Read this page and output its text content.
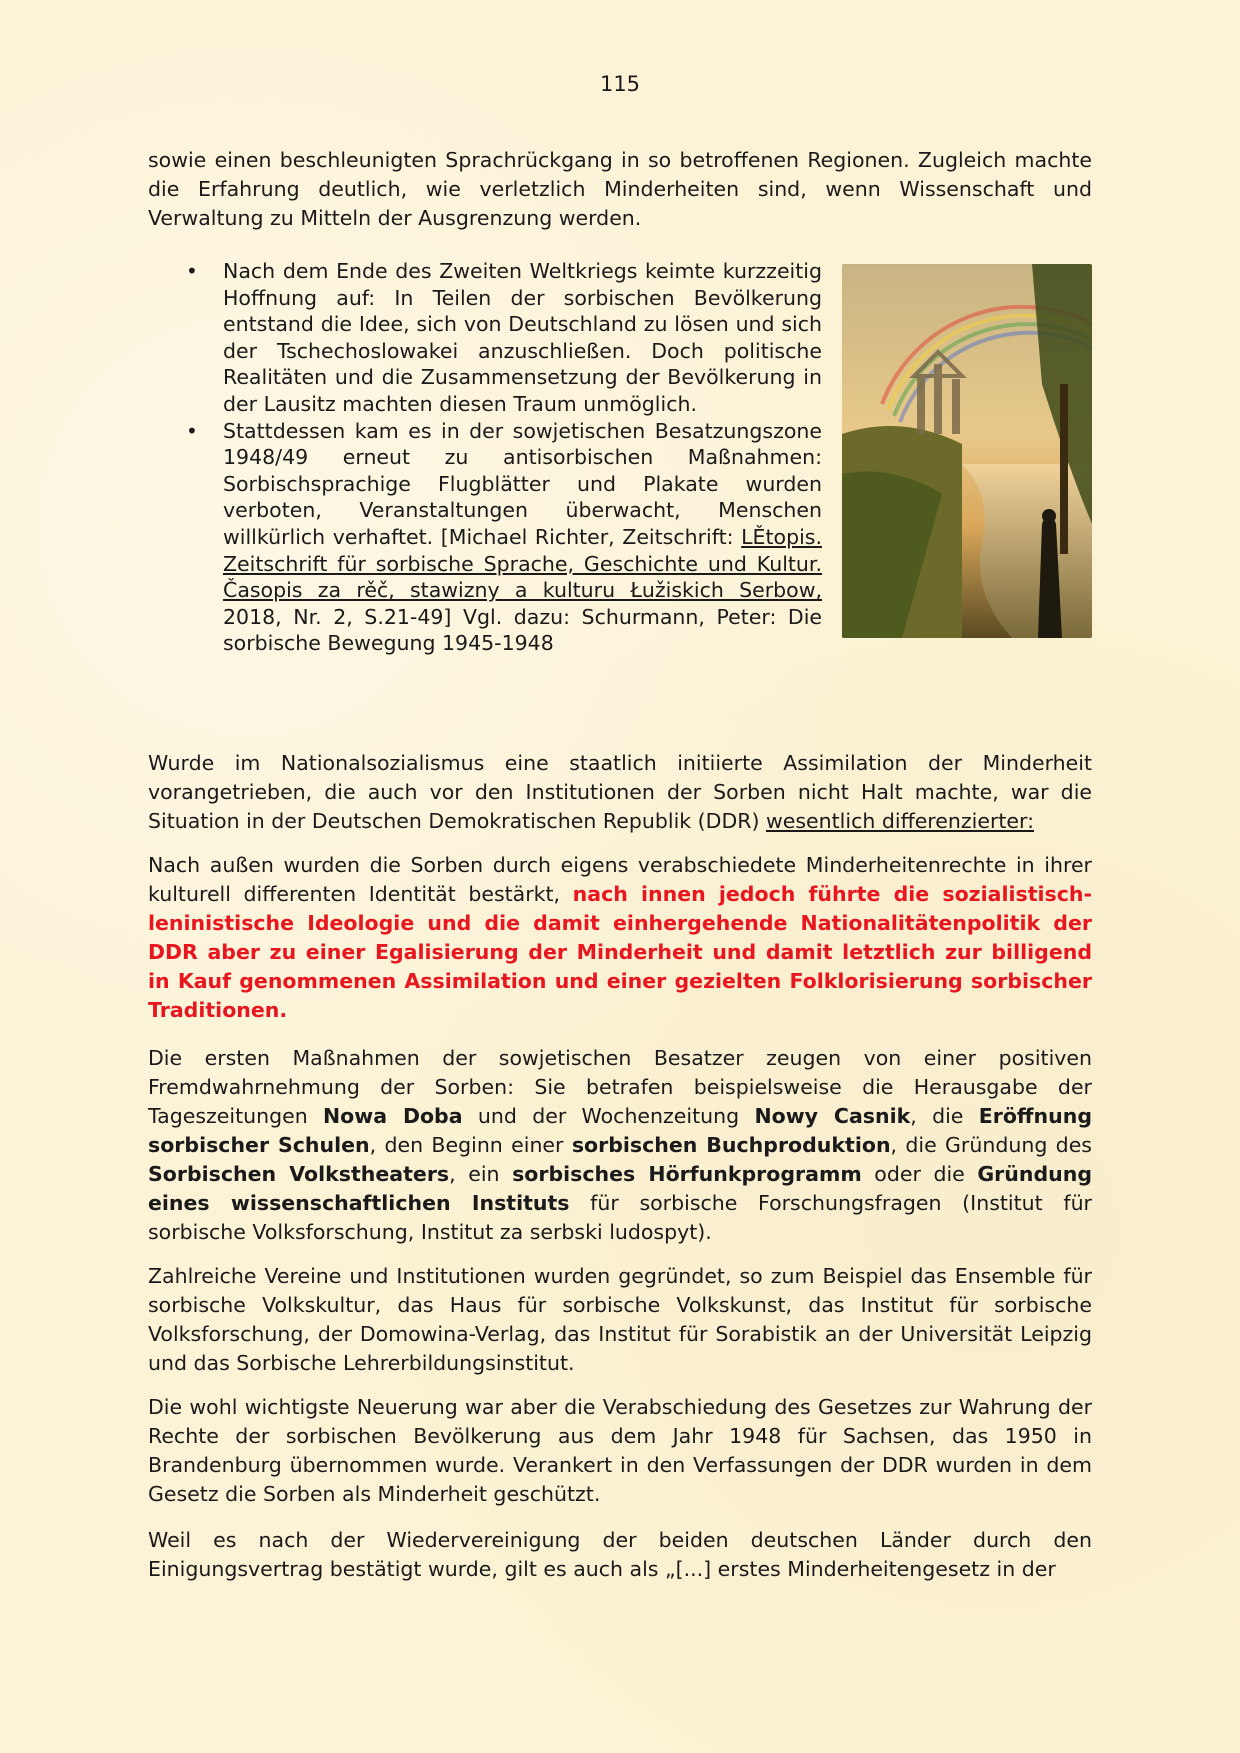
115

sowie einen beschleunigten Sprachrückgang in so betroffenen Regionen. Zugleich machte die Erfahrung deutlich, wie verletzlich Minderheiten sind, wenn Wissenschaft und Verwaltung zu Mitteln der Ausgrenzung werden.

• Nach dem Ende des Zweiten Weltkriegs keimte kurzzeitig Hoffnung auf: In Teilen der sorbischen Bevölkerung entstand die Idee, sich von Deutschland zu lösen und sich der Tschechoslowakei anzuschließen. Doch politische Realitäten und die Zusammensetzung der Bevölkerung in der Lausitz machten diesen Traum unmöglich.
• Stattdessen kam es in der sowjetischen Besatzungszone 1948/49 erneut zu antisorbischen Maßnahmen: Sorbischsprachige Flugblätter und Plakate wurden verboten, Veranstaltungen überwacht, Menschen willkürlich verhaftet. [Michael Richter, Zeitschrift: LĚtopis. Zeitschrift für sorbische Sprache, Geschichte und Kultur. Časopis za rěč, stawizny a kulturu Łužiskich Serbow, 2018, Nr. 2, S.21-49] Vgl. dazu: Schurmann, Peter: Die sorbische Bewegung 1945-1948

Wurde im Nationalsozialismus eine staatlich initiierte Assimilation der Minderheit vorangetrieben, die auch vor den Institutionen der Sorben nicht Halt machte, war die Situation in der Deutschen Demokratischen Republik (DDR) wesentlich differenzierter:

Nach außen wurden die Sorben durch eigens verabschiedete Minderheitenrechte in ihrer kulturell differenten Identität bestärkt, nach innen jedoch führte die sozialistisch-leninistische Ideologie und die damit einhergehende Nationalitätenpolitik der DDR aber zu einer Egalisierung der Minderheit und damit letztlich zur billigend in Kauf genommenen Assimilation und einer gezielten Folklorisierung sorbischer Traditionen.

Die ersten Maßnahmen der sowjetischen Besatzer zeugen von einer positiven Fremdwahrnehmung der Sorben: Sie betrafen beispielsweise die Herausgabe der Tageszeitungen Nowa Doba und der Wochenzeitung Nowy Casnik, die Eröffnung sorbischer Schulen, den Beginn einer sorbischen Buchproduktion, die Gründung des Sorbischen Volkstheaters, ein sorbisches Hörfunkprogramm oder die Gründung eines wissenschaftlichen Instituts für sorbische Forschungsfragen (Institut für sorbische Volksforschung, Institut za serbski ludospyt).

Zahlreiche Vereine und Institutionen wurden gegründet, so zum Beispiel das Ensemble für sorbische Volkskultur, das Haus für sorbische Volkskunst, das Institut für sorbische Volksforschung, der Domowina-Verlag, das Institut für Sorabistik an der Universität Leipzig und das Sorbische Lehrerbildungsinstitut.

Die wohl wichtigste Neuerung war aber die Verabschiedung des Gesetzes zur Wahrung der Rechte der sorbischen Bevölkerung aus dem Jahr 1948 für Sachsen, das 1950 in Brandenburg übernommen wurde. Verankert in den Verfassungen der DDR wurden in dem Gesetz die Sorben als Minderheit geschützt.

Weil es nach der Wiedervereinigung der beiden deutschen Länder durch den Einigungsvertrag bestätigt wurde, gilt es auch als „[...] erstes Minderheitengesetz in der
